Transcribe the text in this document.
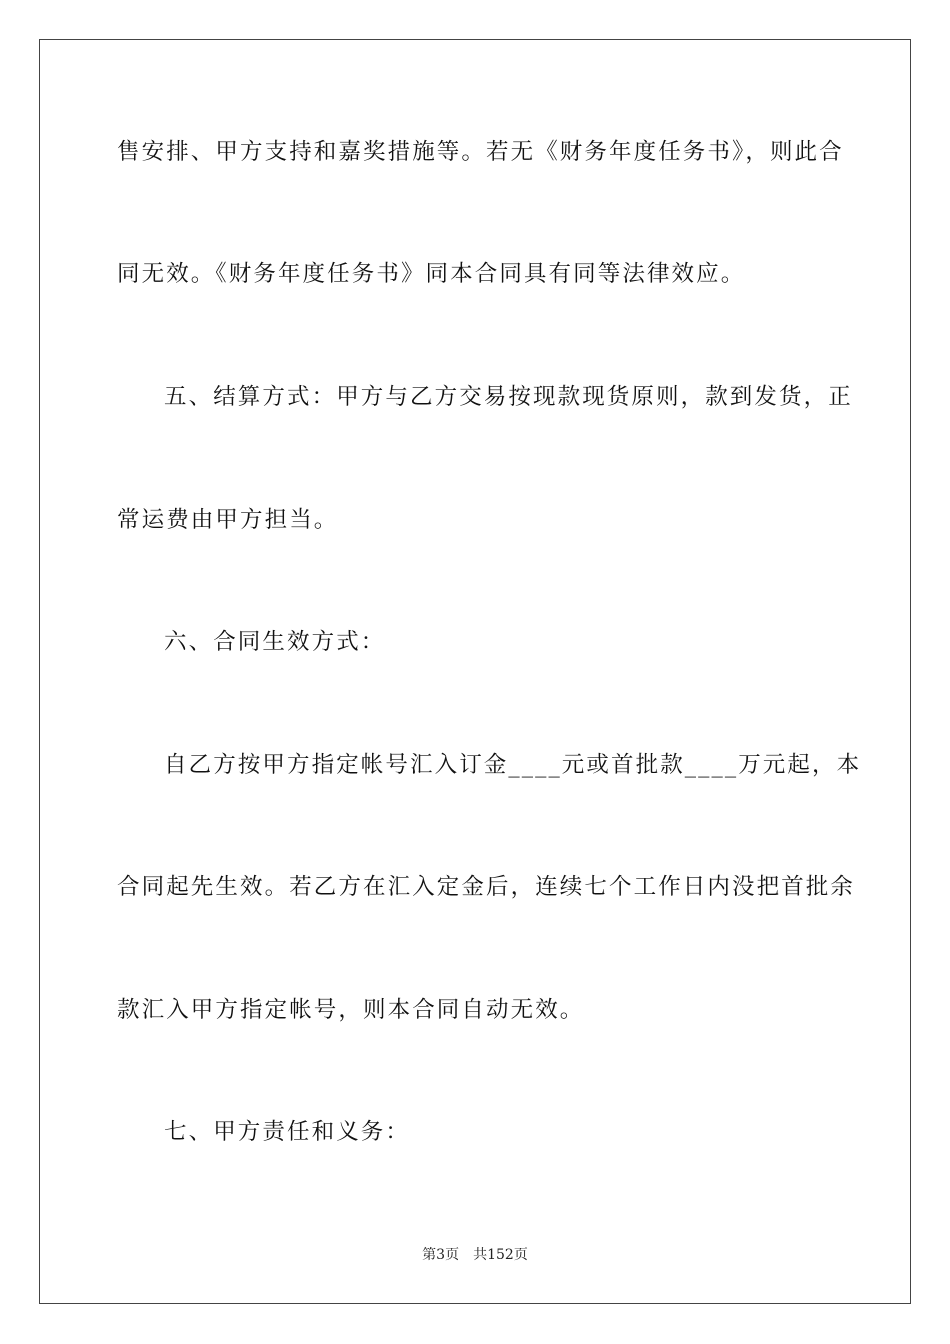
售安排、甲方支持和嘉奖措施等。若无《财务年度任务书》，则此合
同无效。《财务年度任务书》同本合同具有同等法律效应。
五、结算方式：甲方与乙方交易按现款现货原则，款到发货，正
常运费由甲方担当。
六、合同生效方式：
自乙方按甲方指定帐号汇入订金____元或首批款____万元起，本
合同起先生效。若乙方在汇入定金后，连续七个工作日内没把首批余
款汇入甲方指定帐号，则本合同自动无效。
七、甲方责任和义务：
第3页 共152页
